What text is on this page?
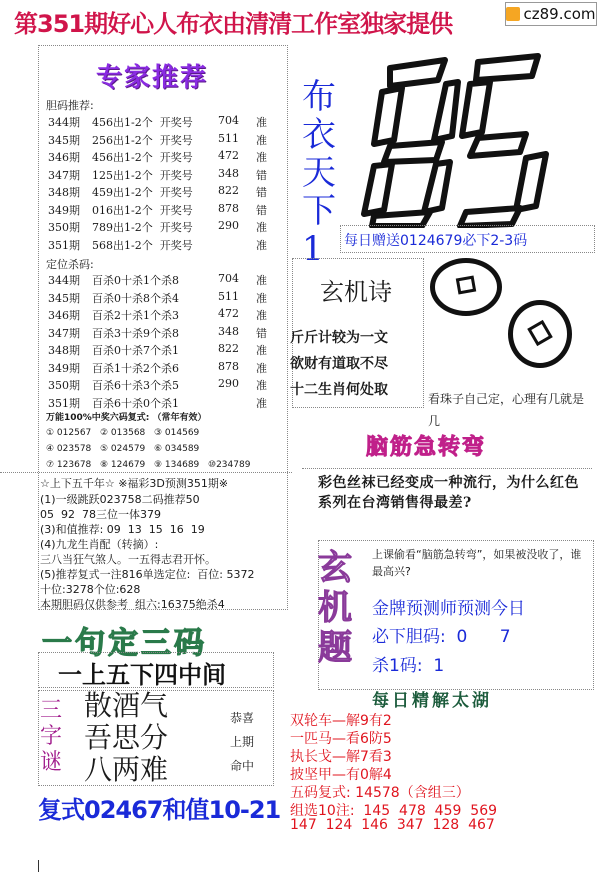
第351期好心人布衣由清清工作室独家提供	cz89.com
专家推荐
胆码推荐:
344期 456出1-2个  开奖号 704 准
345期 256出1-2个  开奖号 511 准
346期 456出1-2个  开奖号 472 准
347期 125出1-2个  开奖号 348 错
348期 459出1-2个  开奖号 822 错
349期 016出1-2个  开奖号 878 错
350期 789出1-2个  开奖号 290 准
351期 568出1-2个  开奖号	准
定位杀码:
344期 百杀0十杀1个杀8	704 准
345期 百杀0十杀8个杀4	511 准
346期 百杀2十杀1个杀3	472 准
347期 百杀3十杀9个杀8	348 错
348期 百杀0十杀7个杀1	822 准
349期 百杀1十杀2个杀6	878 准
350期 百杀6十杀3个杀5	290 准
351期 百杀6十杀0个杀1	准
万能100%中奖六码复式: （常年有效）
① 012567 ② 013568 ③ 014569
④ 023578 ⑤ 024579 ⑥ 034589
⑦ 123678 ⑧ 124679 ⑨ 134689 ⑩234789
☆上下五千年☆ ※福彩3D预测351期※
(1)一级跳跃023758二码推荐50
05  92  78三位一体379
(3)和值推荐: 09  13  15  16  19
(4)九龙生肖配（转摘）:
三八当狂气煞人。一五得志君开怀。
(5)推荐复式一注816单选定位:  百位: 5372
十位:3278个位:628
本期胆码仅供参考  组六:16375绝杀4
一句定三码
一上五下四中间
三
字
谜
散酒气
吾思分
八两难
恭喜
上期
命中
复式02467和值10-21
布
衣
天
下
1	每日赠送0124679必下2-3码
玄机诗
斤斤计较为一文
欲财有道取不尽
十二生肖何处取
看珠子自己定，心理有几就是几
脑筋急转弯
彩色丝袜已经变成一种流行，为什么红色系列在台湾销售得最差?
玄
机
题
上课偷看“脑筋急转弯”，如果被没收了，谁最高兴?
金牌预测师预测今日
必下胆码:  0      7
杀1码:  1
每日精解太湖
双轮车—解9有2
一匹马—看6防5
执长戈—解7看3
披坚甲—有0解4
五码复式: 14578（含组三）
组选10注:  145  478  459  569
147  124  146  347  128  467
